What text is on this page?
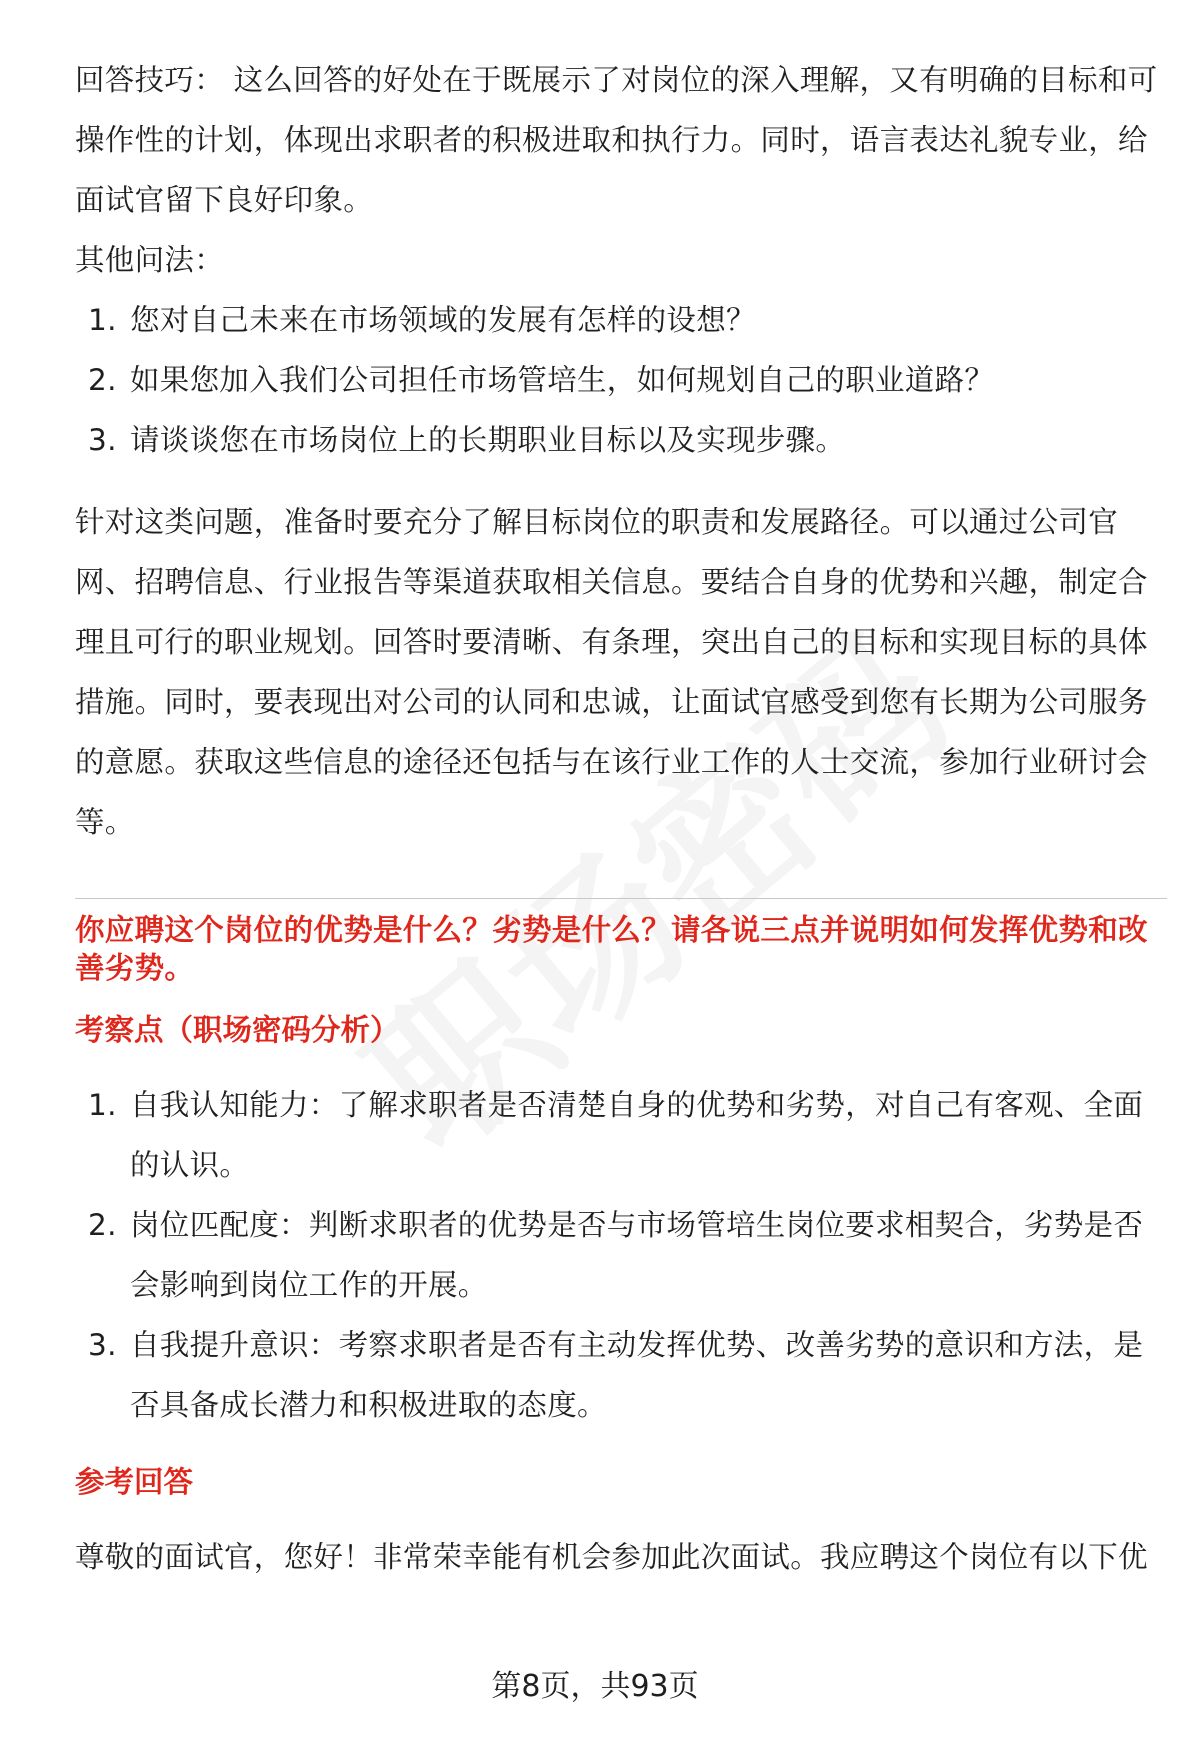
回答技巧： 这么回答的好处在于既展示了对岗位的深入理解，又有明确的目标和可操作性的计划，体现出求职者的积极进取和执行力。同时，语言表达礼貌专业，给面试官留下良好印象。

其他问法：

1. 您对自己未来在市场领域的发展有怎样的设想？
2. 如果您加入我们公司担任市场管培生，如何规划自己的职业道路？
3. 请谈谈您在市场岗位上的长期职业目标以及实现步骤。

针对这类问题，准备时要充分了解目标岗位的职责和发展路径。可以通过公司官网、招聘信息、行业报告等渠道获取相关信息。要结合自身的优势和兴趣，制定合理且可行的职业规划。回答时要清晰、有条理，突出自己的目标和实现目标的具体措施。同时，要表现出对公司的认同和忠诚，让面试官感受到您有长期为公司服务的意愿。获取这些信息的途径还包括与在该行业工作的人士交流，参加行业研讨会等。

你应聘这个岗位的优势是什么？劣势是什么？请各说三点并说明如何发挥优势和改善劣势。

考察点（职场密码分析）

1. 自我认知能力：了解求职者是否清楚自身的优势和劣势，对自己有客观、全面的认识。
2. 岗位匹配度：判断求职者的优势是否与市场管培生岗位要求相契合，劣势是否会影响到岗位工作的开展。
3. 自我提升意识：考察求职者是否有主动发挥优势、改善劣势的意识和方法，是否具备成长潜力和积极进取的态度。

参考回答

尊敬的面试官，您好！非常荣幸能有机会参加此次面试。我应聘这个岗位有以下优

第8页，共93页
